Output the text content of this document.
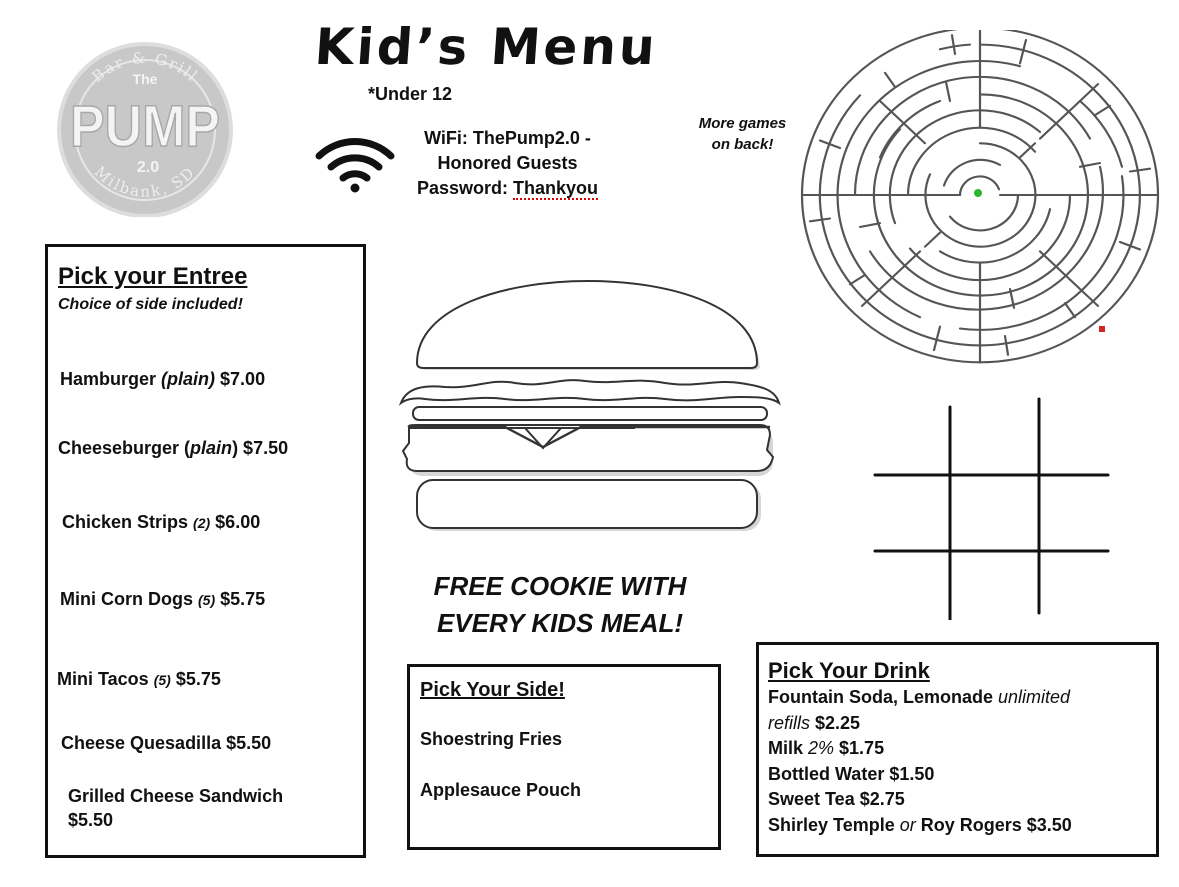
Bar & Grill
Milbank, SD
The
PUMP
2.0
Kid’s Menu
*Under 12
WiFi: ThePump2.0 -
Honored Guests
Password: Thankyou
More games
on back!
Pick your Entree
Choice of side included!
Hamburger (plain) $7.00
Cheeseburger (plain) $7.50
Chicken Strips (2) $6.00
Mini Corn Dogs (5) $5.75
Mini Tacos (5) $5.75
Cheese Quesadilla $5.50
Grilled Cheese Sandwich
$5.50
FREE COOKIE WITH
EVERY KIDS MEAL!
Pick Your Side!
Shoestring Fries
Applesauce Pouch
Pick Your Drink
Fountain Soda, Lemonade unlimited
refills $2.25
Milk 2% $1.75
Bottled Water $1.50
Sweet Tea $2.75
Shirley Temple or Roy Rogers $3.50
